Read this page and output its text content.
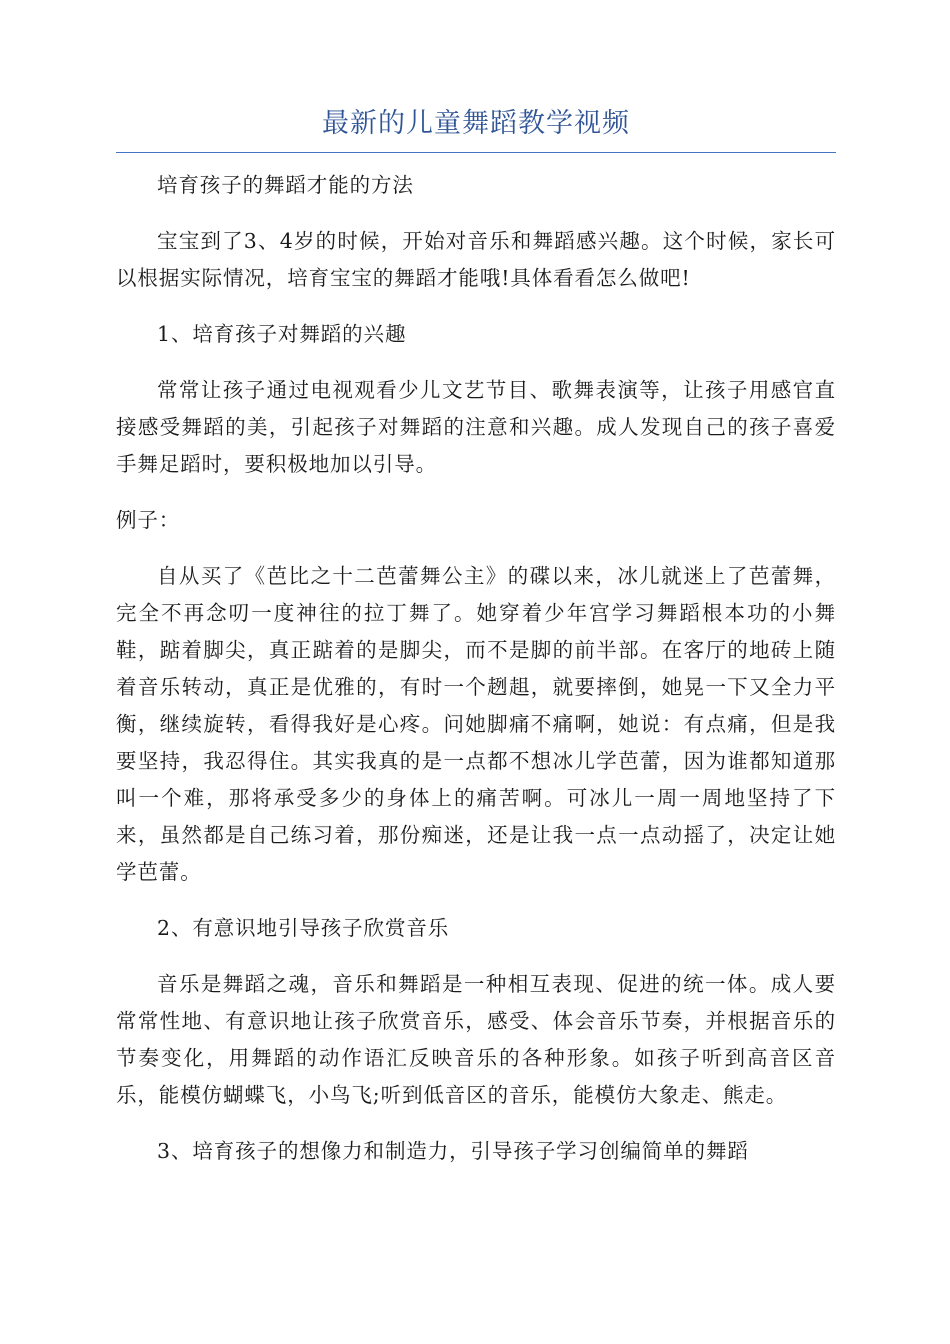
最新的儿童舞蹈教学视频

培育孩子的舞蹈才能的方法

宝宝到了3、4岁的时候，开始对音乐和舞蹈感兴趣。这个时候，家长可以根据实际情况，培育宝宝的舞蹈才能哦!具体看看怎么做吧!

1、培育孩子对舞蹈的兴趣

常常让孩子通过电视观看少儿文艺节目、歌舞表演等，让孩子用感官直接感受舞蹈的美，引起孩子对舞蹈的注意和兴趣。成人发现自己的孩子喜爱手舞足蹈时，要积极地加以引导。

例子：

自从买了《芭比之十二芭蕾舞公主》的碟以来，冰儿就迷上了芭蕾舞，完全不再念叨一度神往的拉丁舞了。她穿着少年宫学习舞蹈根本功的小舞鞋，踮着脚尖，真正踮着的是脚尖，而不是脚的前半部。在客厅的地砖上随着音乐转动，真正是优雅的，有时一个趔趄，就要摔倒，她晃一下又全力平衡，继续旋转，看得我好是心疼。问她脚痛不痛啊，她说：有点痛，但是我要坚持，我忍得住。其实我真的是一点都不想冰儿学芭蕾，因为谁都知道那叫一个难，那将承受多少的身体上的痛苦啊。可冰儿一周一周地坚持了下来，虽然都是自己练习着，那份痴迷，还是让我一点一点动摇了，决定让她学芭蕾。

2、有意识地引导孩子欣赏音乐

音乐是舞蹈之魂，音乐和舞蹈是一种相互表现、促进的统一体。成人要常常性地、有意识地让孩子欣赏音乐，感受、体会音乐节奏，并根据音乐的节奏变化，用舞蹈的动作语汇反映音乐的各种形象。如孩子听到高音区音乐，能模仿蝴蝶飞，小鸟飞;听到低音区的音乐，能模仿大象走、熊走。

3、培育孩子的想像力和制造力，引导孩子学习创编简单的舞蹈
